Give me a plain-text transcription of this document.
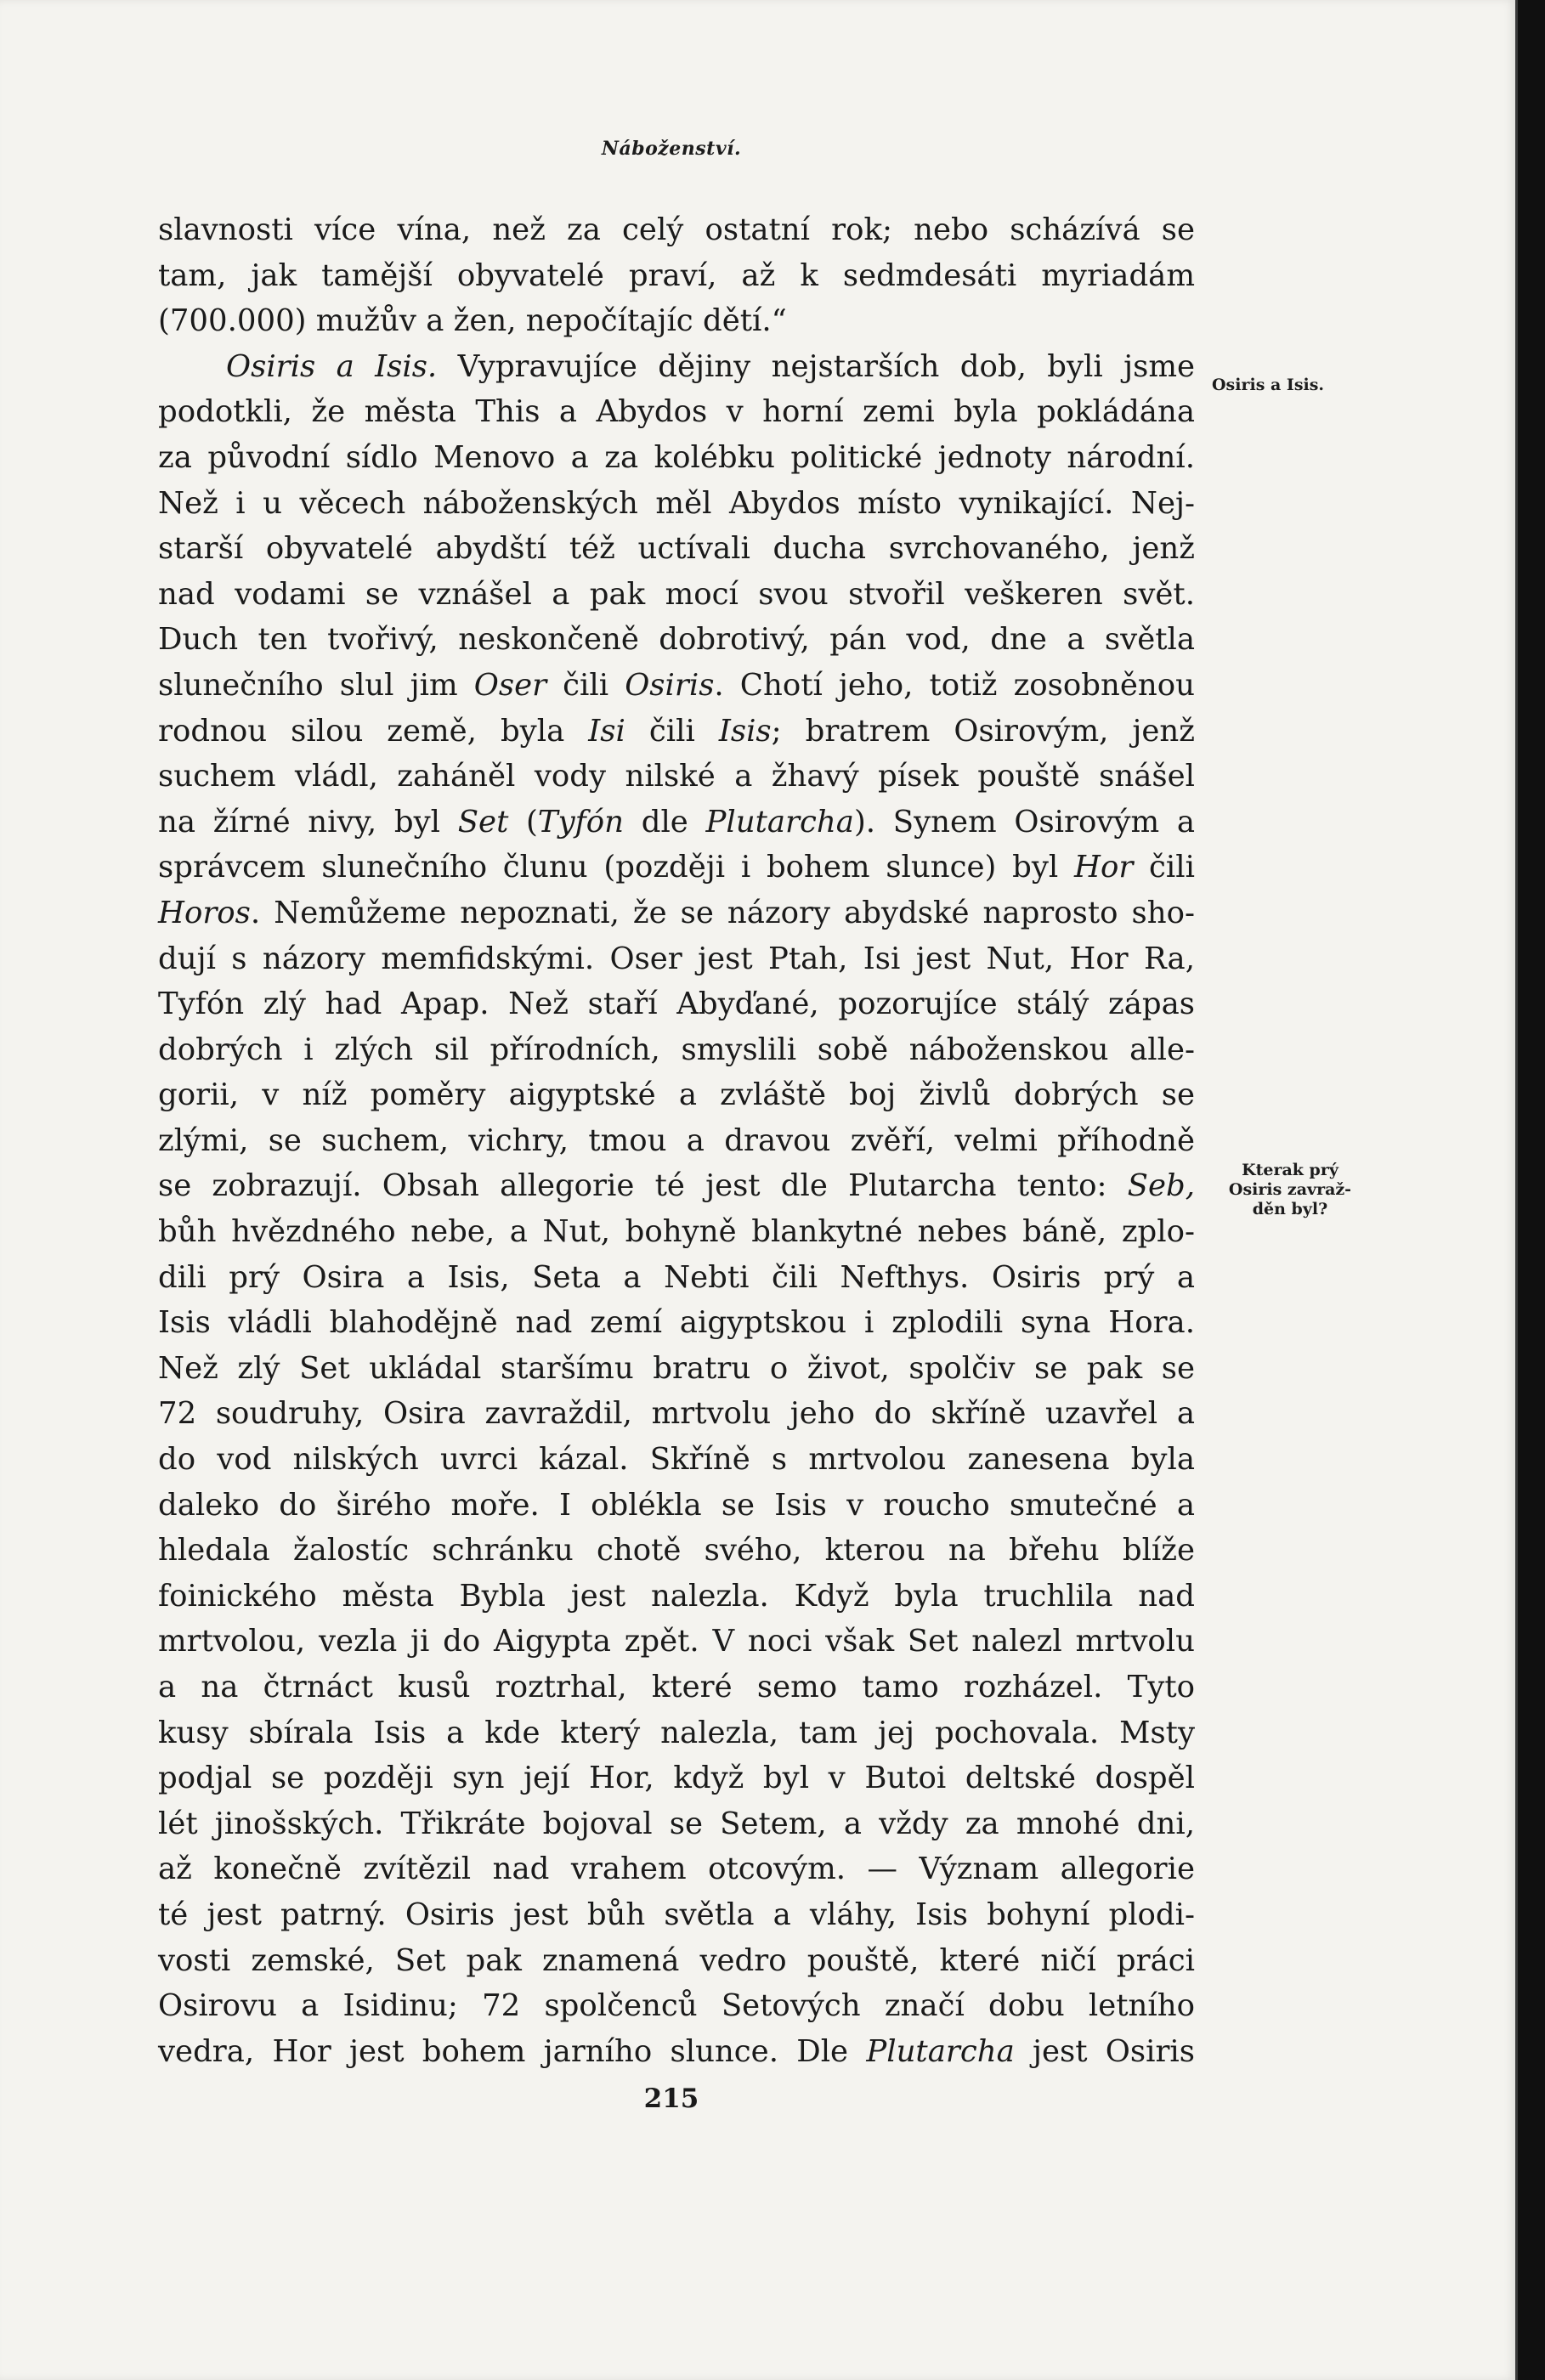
Náboženství.
Osiris a Isis.
Kterak prý
Osiris zavraž-
děn byl?
slavnosti více vína, než za celý ostatní rok; nebo scházívá se
tam, jak tamější obyvatelé praví, až k sedmdesáti myriadám
(700.000) mužův a žen, nepočítajíc dětí.“
Osiris a Isis. Vypravujíce dějiny nejstarších dob, byli jsme
podotkli, že města This a Abydos v horní zemi byla pokládána
za původní sídlo Menovo a za kolébku politické jednoty národní.
Než i u věcech náboženských měl Abydos místo vynikající. Nej-
starší obyvatelé abydští též uctívali ducha svrchovaného, jenž
nad vodami se vznášel a pak mocí svou stvořil veškeren svět.
Duch ten tvořivý, neskončeně dobrotivý, pán vod, dne a světla
slunečního slul jim Oser čili Osiris. Chotí jeho, totiž zosobněnou
rodnou silou země, byla Isi čili Isis; bratrem Osirovým, jenž
suchem vládl, zaháněl vody nilské a žhavý písek pouště snášel
na žírné nivy, byl Set (Tyfón dle Plutarcha). Synem Osirovým a
správcem slunečního člunu (později i bohem slunce) byl Hor čili
Horos. Nemůžeme nepoznati, že se názory abydské naprosto sho-
dují s názory memfidskými. Oser jest Ptah, Isi jest Nut, Hor Ra,
Tyfón zlý had Apap. Než staří Abyďané, pozorujíce stálý zápas
dobrých i zlých sil přírodních, smyslili sobě náboženskou alle-
gorii, v níž poměry aigyptské a zvláště boj živlů dobrých se
zlými, se suchem, vichry, tmou a dravou zvěří, velmi příhodně
se zobrazují. Obsah allegorie té jest dle Plutarcha tento: Seb,
bůh hvězdného nebe, a Nut, bohyně blankytné nebes báně, zplo-
dili prý Osira a Isis, Seta a Nebti čili Nefthys. Osiris prý a
Isis vládli blahodějně nad zemí aigyptskou i zplodili syna Hora.
Než zlý Set ukládal staršímu bratru o život, spolčiv se pak se
72 soudruhy, Osira zavraždil, mrtvolu jeho do skříně uzavřel a
do vod nilských uvrci kázal. Skříně s mrtvolou zanesena byla
daleko do širého moře. I oblékla se Isis v roucho smutečné a
hledala žalostíc schránku chotě svého, kterou na břehu blíže
foinického města Bybla jest nalezla. Když byla truchlila nad
mrtvolou, vezla ji do Aigypta zpět. V noci však Set nalezl mrtvolu
a na čtrnáct kusů roztrhal, které semo tamo rozházel. Tyto
kusy sbírala Isis a kde který nalezla, tam jej pochovala. Msty
podjal se později syn její Hor, když byl v Butoi deltské dospěl
lét jinošských. Třikráte bojoval se Setem, a vždy za mnohé dni,
až konečně zvítězil nad vrahem otcovým. — Význam allegorie
té jest patrný. Osiris jest bůh světla a vláhy, Isis bohyní plodi-
vosti zemské, Set pak znamená vedro pouště, které ničí práci
Osirovu a Isidinu; 72 spolčenců Setových značí dobu letního
vedra, Hor jest bohem jarního slunce. Dle Plutarcha jest Osiris
215
